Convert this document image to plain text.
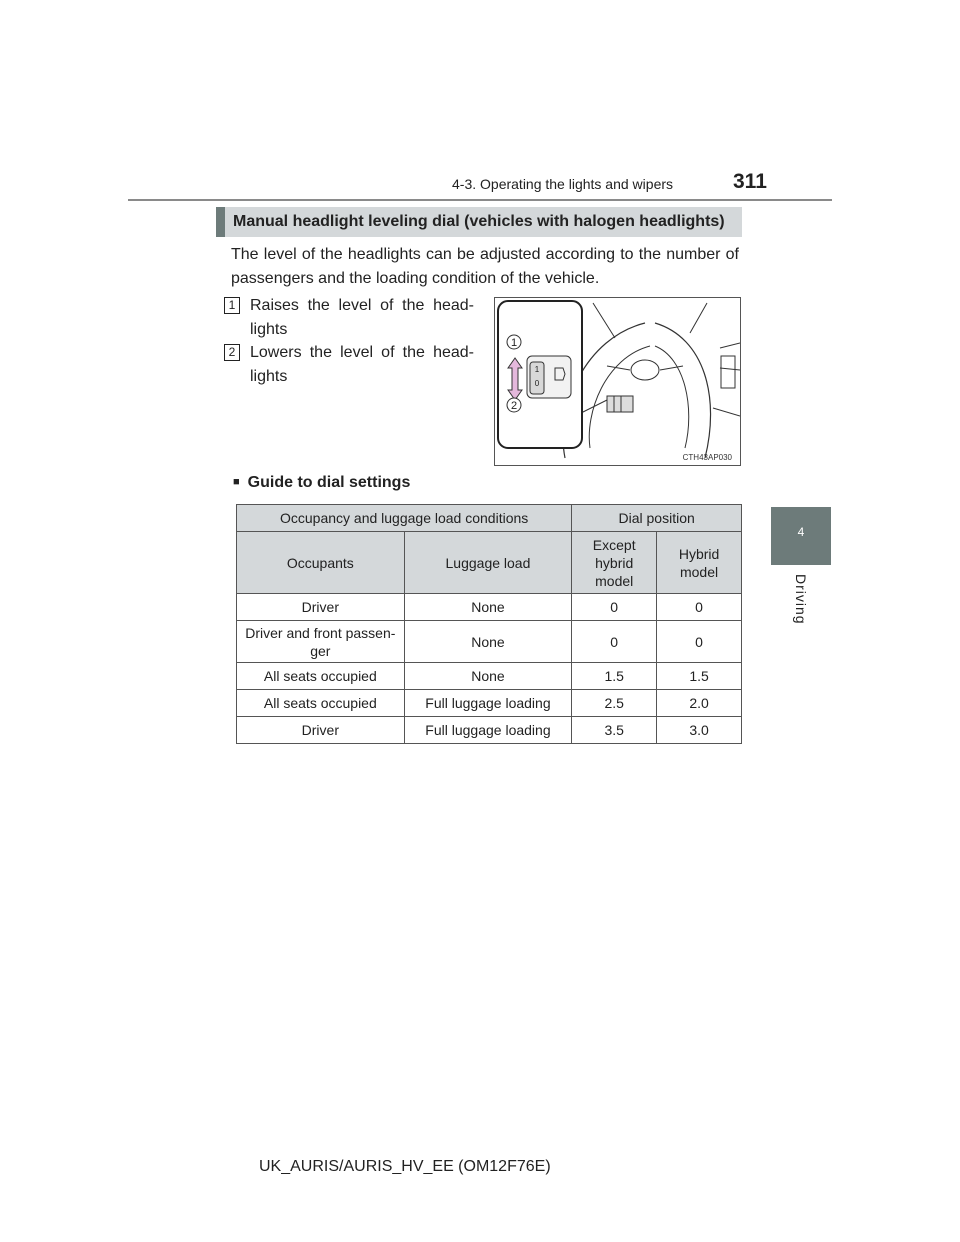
4-3. Operating the lights and wipers	311
4
Driving
Manual headlight leveling dial (vehicles with halogen headlights)
The level of the headlights can be adjusted according to the number of passengers and the loading condition of the vehicle.
1 Raises the level of the head- lights
2 Lowers the level of the head- lights
1
2
1
0
CTH43AP030
■ Guide to dial settings
Occupancy and luggage load conditions		Dial position	
Occupants	Luggage load	Except hybrid model	Hybrid model
Driver	None	0	0
Driver and front passen- ger	None	0	0
All seats occupied	None	1.5	1.5
All seats occupied	Full luggage loading	2.5	2.0
Driver	Full luggage loading	3.5	3.0
UK_AURIS/AURIS_HV_EE (OM12F76E)
